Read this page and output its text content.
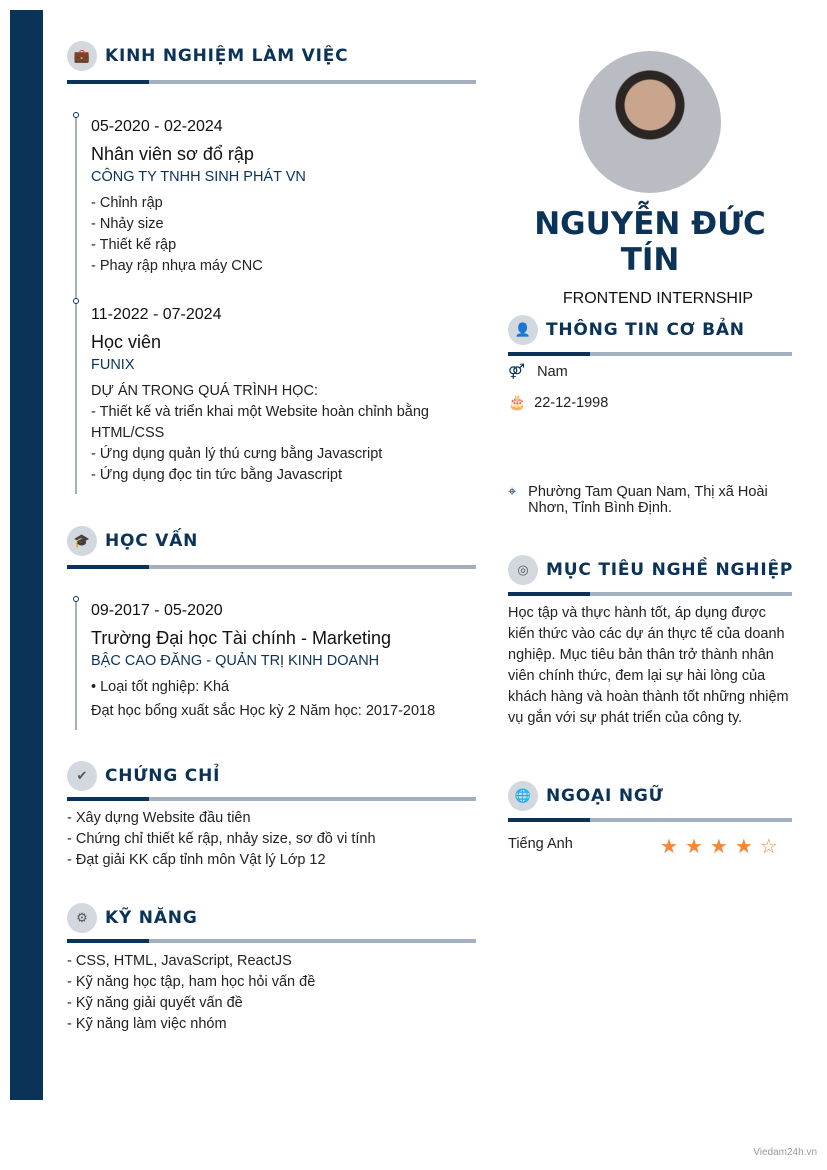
💼 KINH NGHIỆM LÀM VIỆC
05-2020 - 02-2024
Nhân viên sơ đổ rập
CÔNG TY TNHH SINH PHÁT VN
- Chỉnh rập
- Nhảy size
- Thiết kế rập
- Phay rập nhựa máy CNC
11-2022 - 07-2024
Học viên
FUNIX
DỰ ÁN TRONG QUÁ TRÌNH HỌC:
- Thiết kế và triển khai một Website hoàn chỉnh bằng HTML/CSS
- Ứng dụng quản lý thú cưng bằng Javascript
- Ứng dụng đọc tin tức bằng Javascript
🎓 HỌC VẤN
09-2017 - 05-2020
Trường Đại học Tài chính - Marketing
BẬC CAO ĐĂNG - QUẢN TRỊ KINH DOANH
• Loại tốt nghiệp: Khá
Đạt học bổng xuất sắc Học kỳ 2 Năm học: 2017-2018
✔	CHỨNG CHỈ
- Xây dựng Website đầu tiên
- Chứng chỉ thiết kế rập, nhảy size, sơ đồ vi tính
- Đạt giải KK cấp tỉnh môn Vật lý Lớp 12
⚙	KỸ NĂNG
- CSS, HTML, JavaScript, ReactJS
- Kỹ năng học tập, ham học hỏi vấn đề
- Kỹ năng giải quyết vấn đề
- Kỹ năng làm việc nhóm
NGUYỄN ĐỨC
TÍN
FRONTEND INTERNSHIP
👤 THÔNG TIN CƠ BẢN
⚤ Nam
🎂 22-12-1998
⌖ Phường Tam Quan Nam, Thị xã Hoài Nhơn, Tỉnh Bình Định.
◎	MỤC TIÊU NGHỀ NGHIỆP
Học tập và thực hành tốt, áp dụng được kiến thức vào các dự án thực tế của doanh nghiệp. Mục tiêu bản thân trở thành nhân viên chính thức, đem lại sự hài lòng của khách hàng và hoàn thành tốt những nhiệm vụ gắn với sự phát triển của công ty.
🌐 NGOẠI NGỮ
Tiếng Anh	★ ★ ★ ★ ☆
Viedam24h.vn
